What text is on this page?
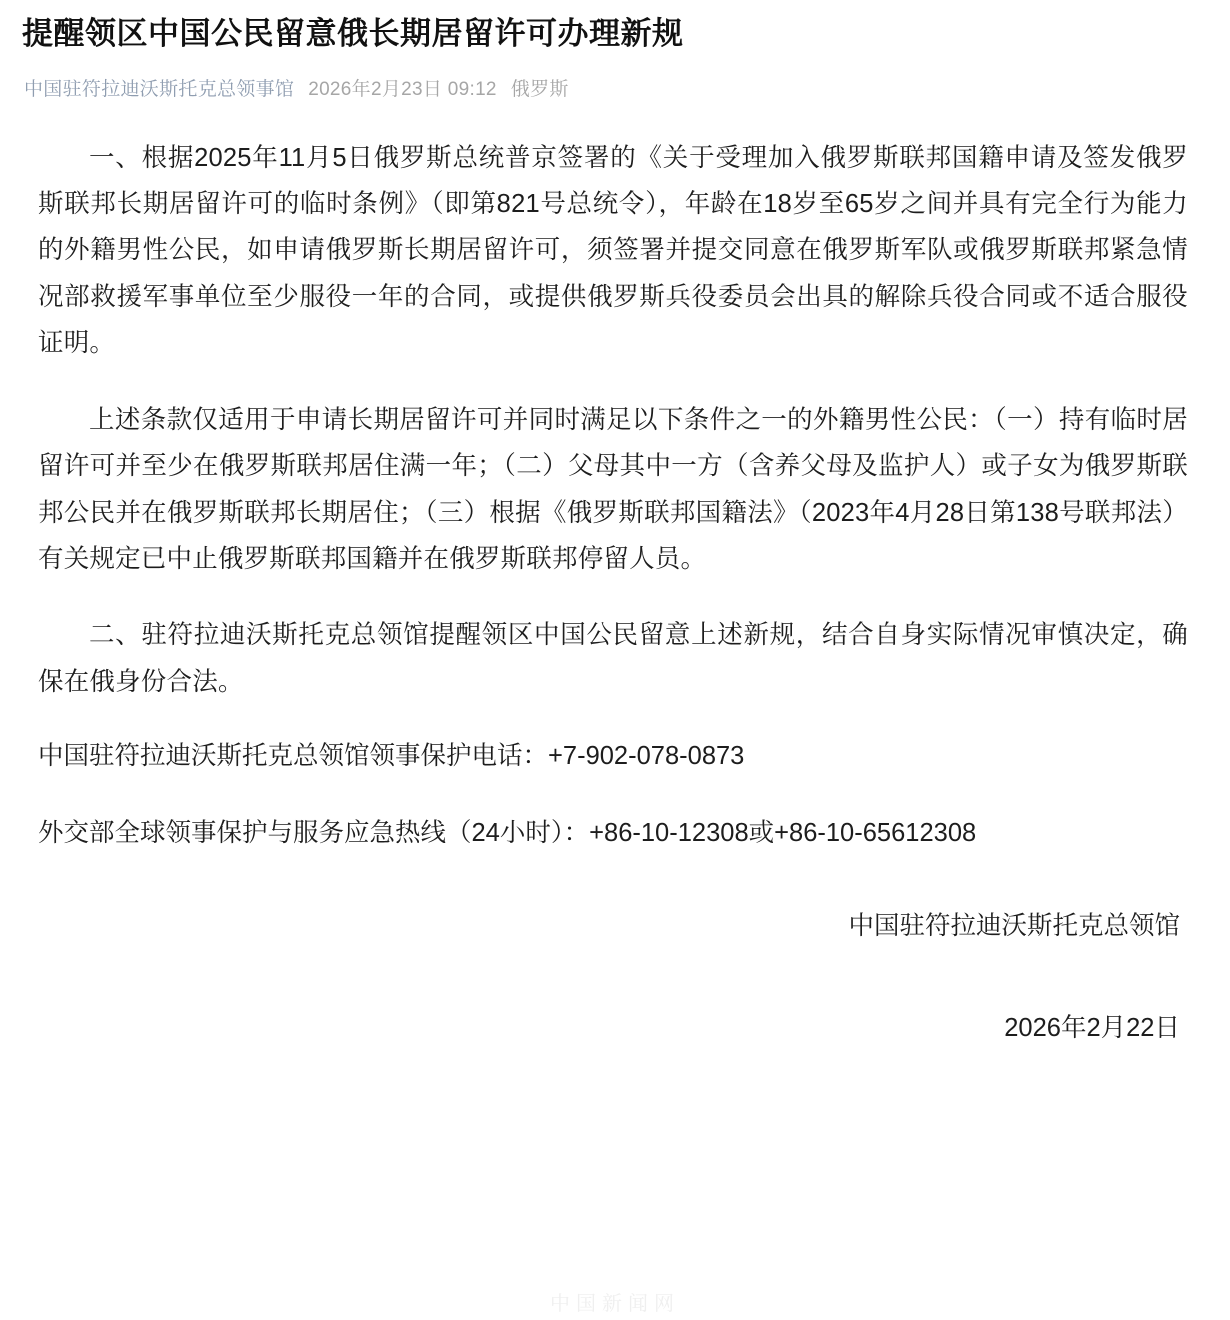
提醒领区中国公民留意俄长期居留许可办理新规
中国驻符拉迪沃斯托克总领事馆 2026年2月23日 09:12 俄罗斯

一、根据2025年11月5日俄罗斯总统普京签署的《关于受理加入俄罗斯联邦国籍申请及签发俄罗斯联邦长期居留许可的临时条例》（即第821号总统令），年龄在18岁至65岁之间并具有完全行为能力的外籍男性公民，如申请俄罗斯长期居留许可，须签署并提交同意在俄罗斯军队或俄罗斯联邦紧急情况部救援军事单位至少服役一年的合同，或提供俄罗斯兵役委员会出具的解除兵役合同或不适合服役证明。

上述条款仅适用于申请长期居留许可并同时满足以下条件之一的外籍男性公民：（一）持有临时居留许可并至少在俄罗斯联邦居住满一年；（二）父母其中一方（含养父母及监护人）或子女为俄罗斯联邦公民并在俄罗斯联邦长期居住；（三）根据《俄罗斯联邦国籍法》（2023年4月28日第138号联邦法）有关规定已中止俄罗斯联邦国籍并在俄罗斯联邦停留人员。

二、驻符拉迪沃斯托克总领馆提醒领区中国公民留意上述新规，结合自身实际情况审慎决定，确保在俄身份合法。

中国驻符拉迪沃斯托克总领馆领事保护电话：+7-902-078-0873

外交部全球领事保护与服务应急热线（24小时）：+86-10-12308或+86-10-65612308

中国驻符拉迪沃斯托克总领馆
2026年2月22日
中国新闻网
